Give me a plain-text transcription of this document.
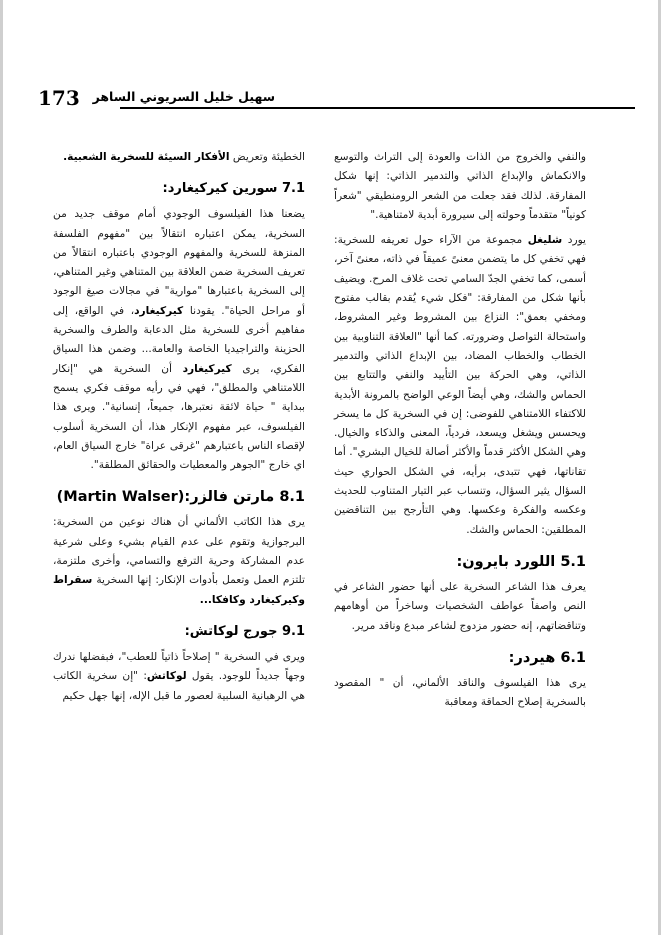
173 سهيل خليل السريوني الساهر

والنفي والخروج من الذات والعودة إلى التراث والتوسع والانكماش والإبداع الذاتي والتدمير الذاتي: إنها شكل المفارقة. لذلك فقد جعلت من الشعر الرومنطيقي "شعراً كونياً" متقدماً وحولته إلى سيرورة أبدية لامتناهية."

يورد شليغل مجموعة من الآراء حول تعريفه للسخرية: فهي تخفي كل ما يتضمن معنىً عميقاً في ذاته، معنىً آخر، أسمى، كما تخفي الجدّ السامي تحت غلاف المرح. ويضيف بأنها شكل من المفارقة: "فكل شيء يُقدم بقالب مفتوح ومخفي بعمق": النزاع بين المشروط وغير المشروط، واستحالة التواصل وضرورته. كما أنها "العلاقة التناوبية بين الخطاب والخطاب المضاد، بين الإبداع الذاتي والتدمير الذاتي، وهي الحركة بين التأييد والنفي والتتابع بين الحماس والشك، وهي أيضاً الوعي الواضح بالمرونة الأبدية للاكتفاء اللامتناهي للفوضى: إن في السخرية كل ما يسخر ويحسس ويشغل ويسعد، فردياً، المعنى والذكاء والخيال. وهي الشكل الأكثر قدماً والأكثر أصالة للخيال البشري". أما تقاناتها، فهي تتبدى، برأيه، في الشكل الحواري حيث السؤال يثير السؤال، وتنساب عبر التيار المتناوب للحديث وعكسه والفكرة وعكسها. وهي التأرجح بين التناقضين المطلقين: الحماس والشك.

5.1 اللورد بايرون:

يعرف هذا الشاعر السخرية على أنها حضور الشاعر في النص واصفاً عواطف الشخصيات وساخراً من أوهامهم وتناقضاتهم، إنه حضور مزدوج لشاعر مبدع وناقد مرير.

6.1 هيردر:

يرى هذا الفيلسوف والناقد الألماني، أن " المقصود بالسخرية إصلاح الحماقة ومعاقبة

الخطيئة وتعريض الأفكار السيئة للسخرية الشعبية.

7.1 سورين كيركيغارد:

يضعنا هذا الفيلسوف الوجودي أمام موقف جديد من السخرية، يمكن اعتباره انتقالاً بين "مفهوم الفلسفة المنزهة للسخرية والمفهوم الوجودي باعتباره انتقالاً من تعريف السخرية ضمن العلاقة بين المتناهي وغير المتناهي، إلى السخرية باعتبارها "موارية" في مجالات صيغ الوجود أو مراحل الحياة". يقودنا كيركيغارد، في الواقع، إلى مفاهيم أخرى للسخرية مثل الدعابة والطرف والسخرية الحزينة والتراجيديا الخاصة والعامة... وضمن هذا السياق الفكري، يرى كيركيغارد أن السخرية هي "إنكار اللامتناهي والمطلق"، فهي في رأيه موقف فكري يسمح ببداية " حياة لائقة نعتبرها، جميعاً، إنسانية". ويرى هذا الفيلسوف، عبر مفهوم الإنكار هذا، أن السخرية أسلوب لإقصاء الناس باعتبارهم "غرقى عراة" خارج السياق العام، اي خارج "الجوهر والمعطيات والحقائق المطلقة".

8.1 مارتن فالزر:(Martin Walser)

يرى هذا الكاتب الألماني أن هناك نوعين من السخرية: البرجوازية وتقوم على عدم القيام بشيء وعلى شرعية عدم المشاركة وحرية الترفع والتسامي، وأخرى ملتزمة، تلتزم العمل وتعمل بأدوات الإنكار: إنها السخرية سقراط وكيركيغارد وكافكا...

9.1 جورج لوكاتش:

ويرى في السخرية " إصلاحاً ذاتياً للعطب"، فبفضلها ندرك وجهاً جديداً للوجود. يقول لوكاتش: "إن سخرية الكاتب هي الرهبانية السلبية لعصور ما قبل الإله، إنها جهل حكيم
